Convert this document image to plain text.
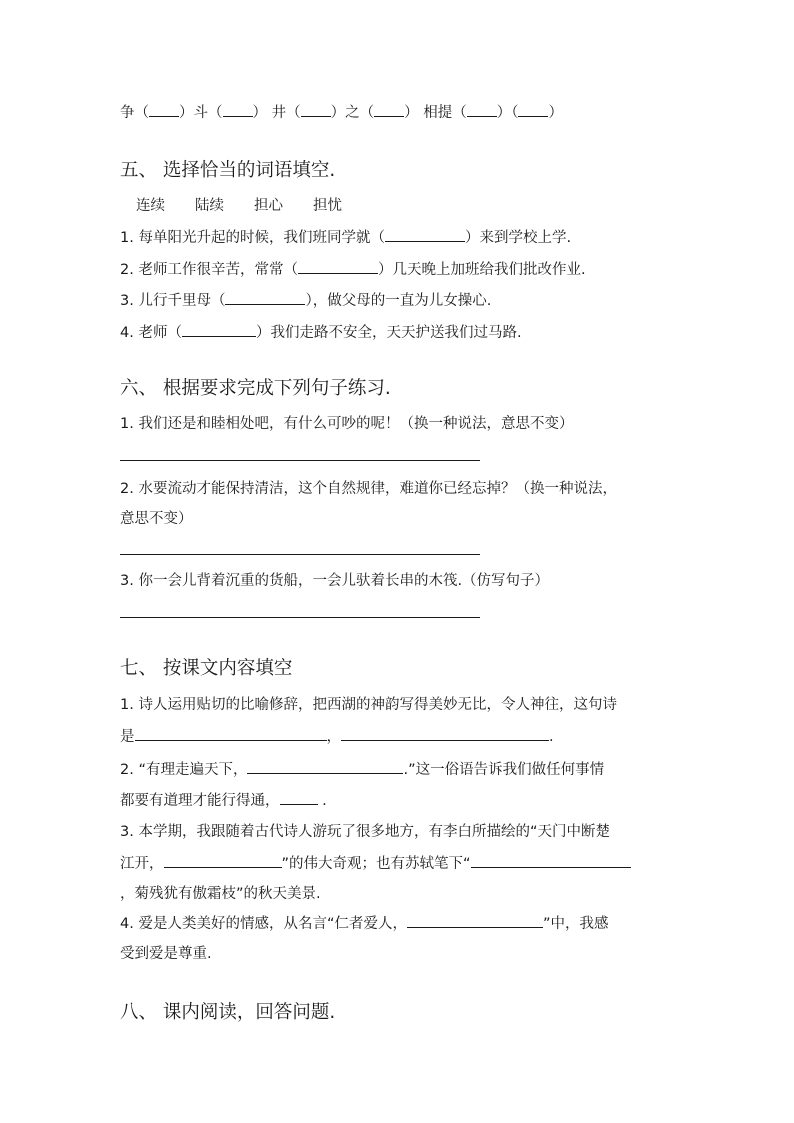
争（ ）斗（ ） 井（ ）之（ ） 相提（ ）（ ）
五、 选择恰当的词语填空.
连续 陆续 担心 担忧
1. 每单阳光升起的时候，我们班同学就（	）来到学校上学.
2. 老师工作很辛苦，常常（	）几天晚上加班给我们批改作业.
3. 儿行千里母（	），做父母的一直为儿女操心.
4. 老师（	）我们走路不安全，天天护送我们过马路.
六、 根据要求完成下列句子练习.
1. 我们还是和睦相处吧，有什么可吵的呢！（换一种说法，意思不变）
2. 水要流动才能保持清洁，这个自然规律，难道你已经忘掉？（换一种说法，
意思不变）
3. 你一会儿背着沉重的货船，一会儿驮着长串的木筏.（仿写句子）
七、 按课文内容填空
1. 诗人运用贴切的比喻修辞，把西湖的神韵写得美妙无比，令人神往，这句诗
是	，	.
2. “有理走遍天下，	.”这一俗语告诉我们做任何事情
都要有道理才能行得通，	.
3. 本学期，我跟随着古代诗人游玩了很多地方，有李白所描绘的“天门中断楚
江开，	”的伟大奇观；也有苏轼笔下“
，菊残犹有傲霜枝”的秋天美景.
4. 爱是人类美好的情感，从名言“仁者爱人，	”中，我感
受到爱是尊重.
八、 课内阅读，回答问题.
